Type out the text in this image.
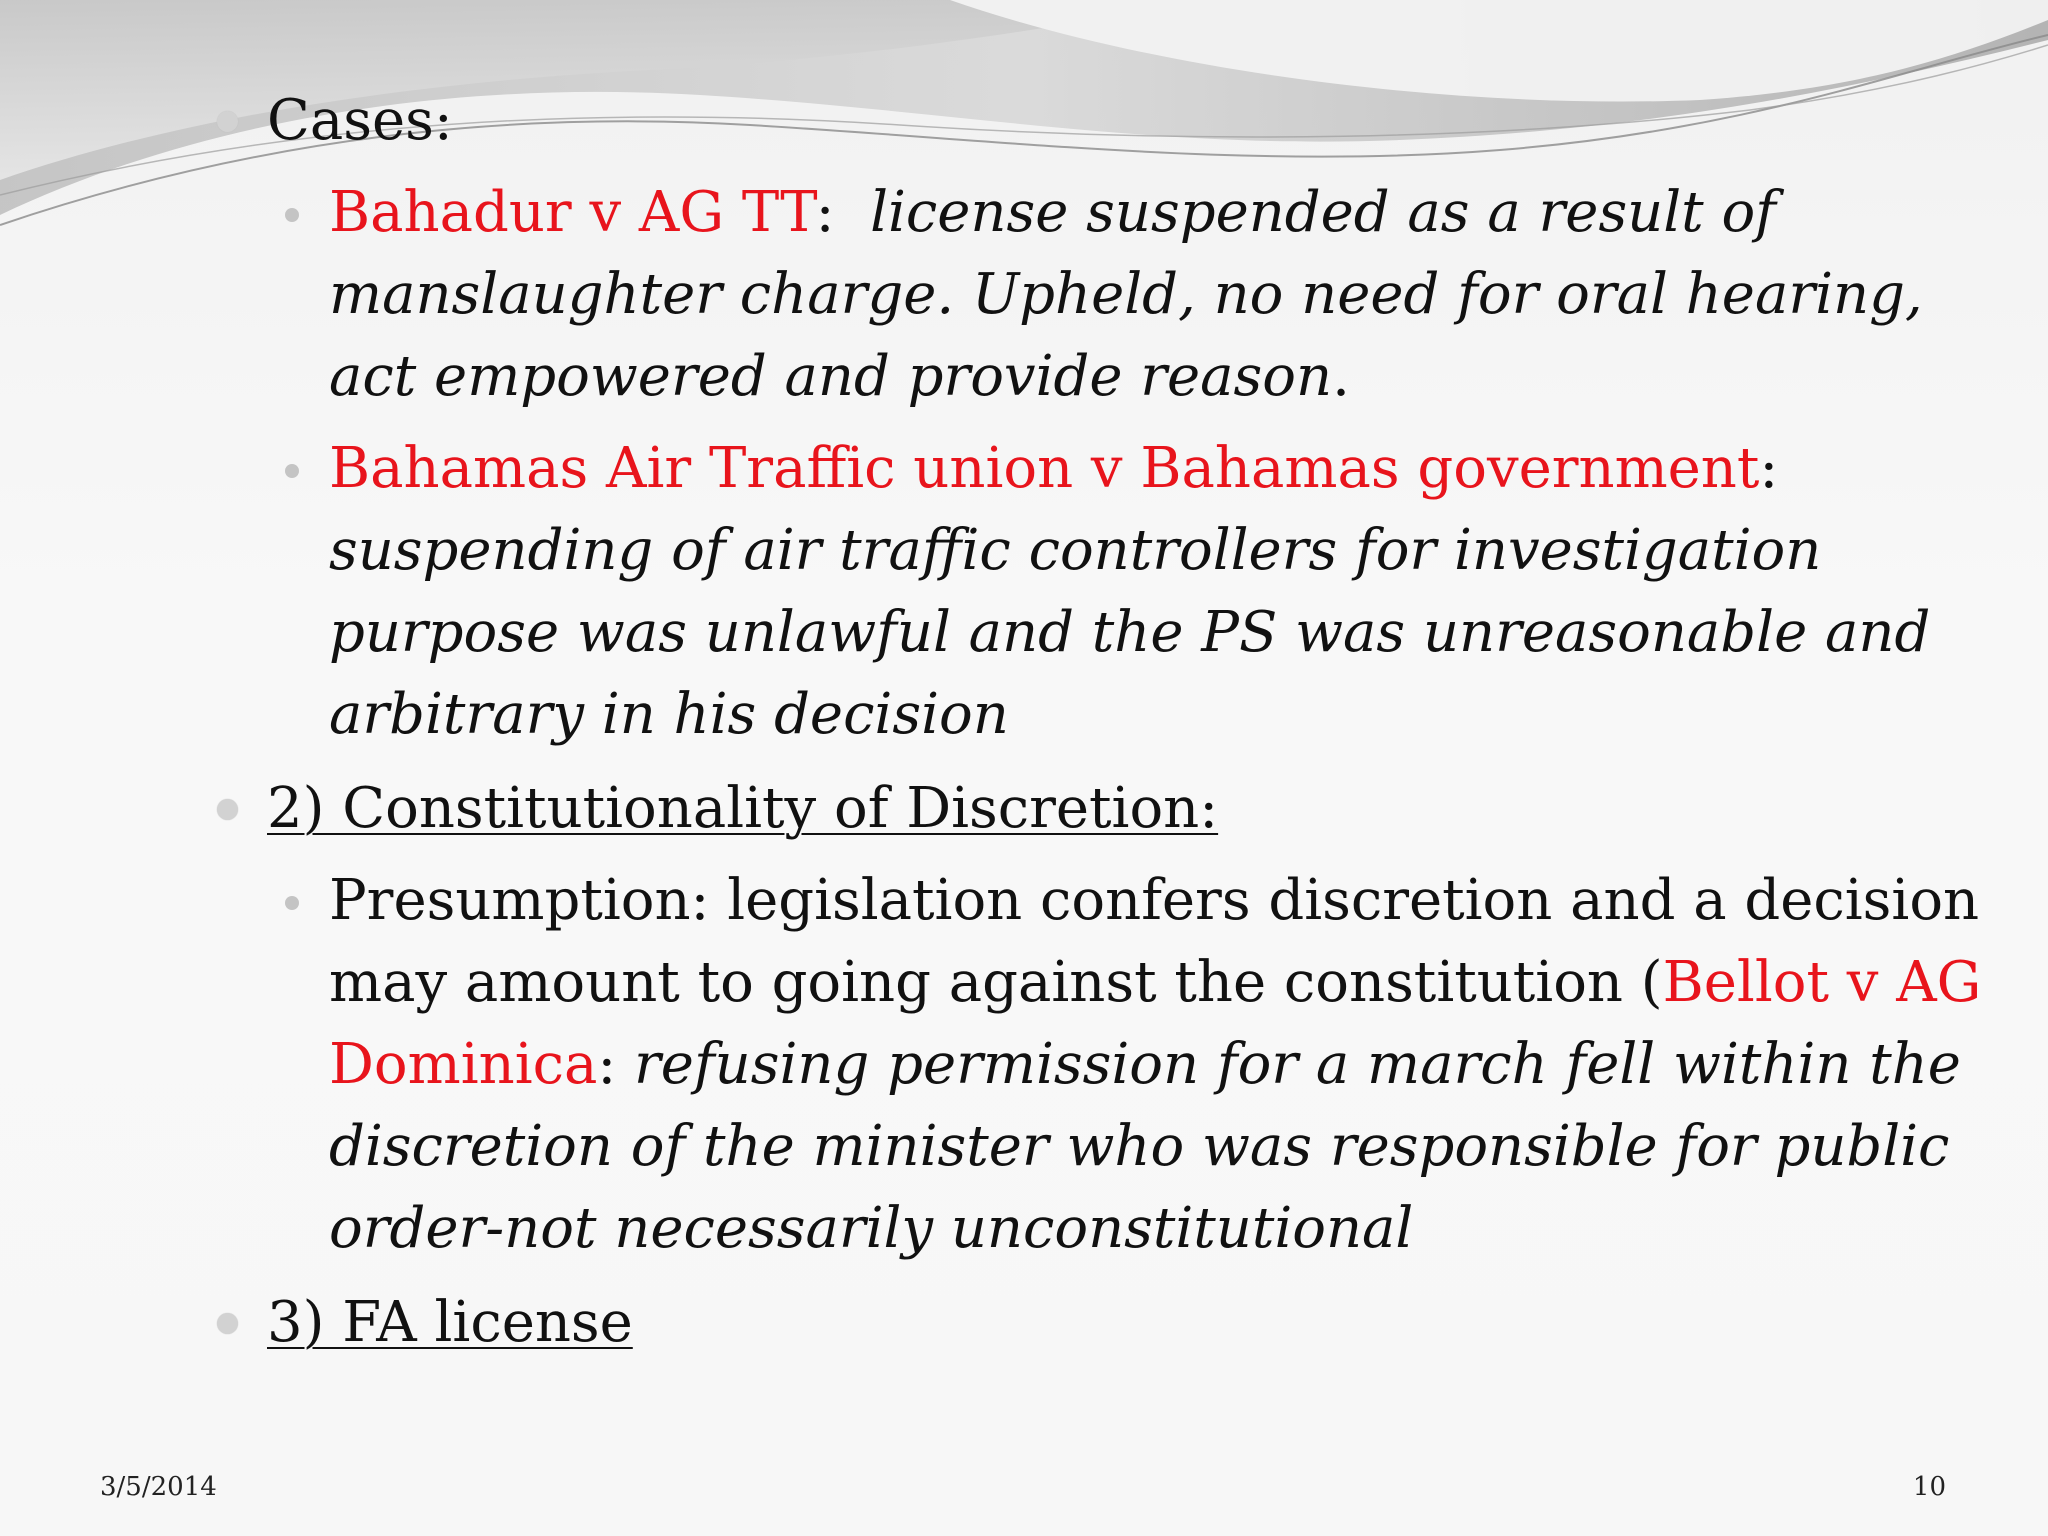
Cases:

Bahadur v AG TT:  license suspended as a result of manslaughter charge. Upheld, no need for oral hearing, act empowered and provide reason.

Bahamas Air Traffic union v Bahamas government: suspending of air traffic controllers for investigation purpose was unlawful and the PS was unreasonable and arbitrary in his decision

2) Constitutionality of Discretion:

Presumption: legislation confers discretion and a decision may amount to going against the constitution (Bellot v AG Dominica: refusing permission for a march fell within the discretion of the minister who was responsible for public order-not necessarily unconstitutional

3) FA license

3/5/2014	10
